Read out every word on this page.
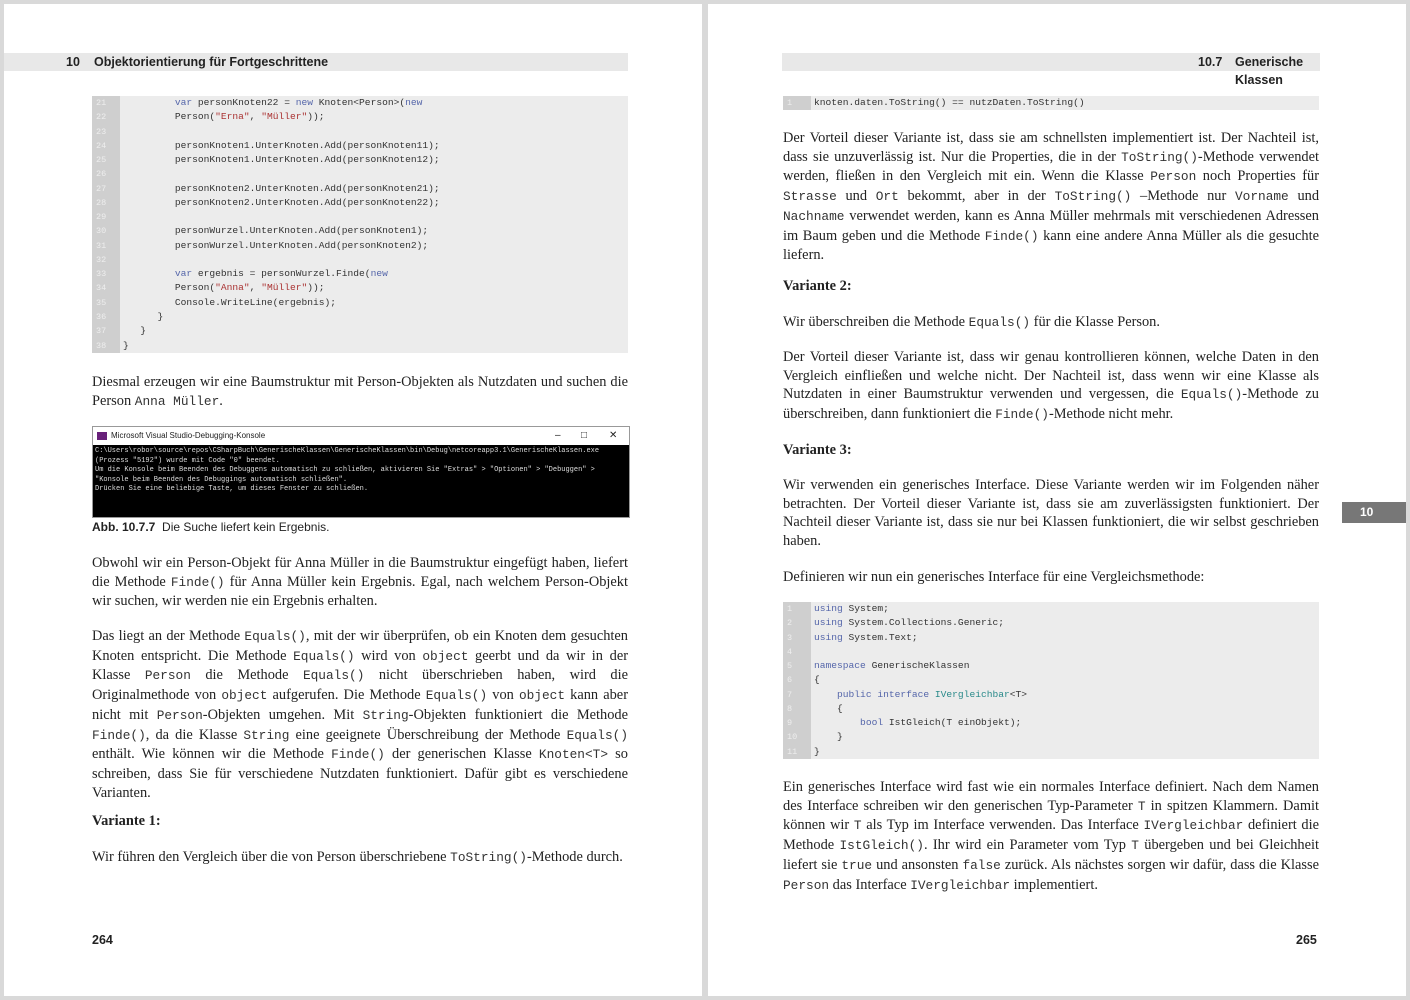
10 Objektorientierung für Fortgeschrittene
21	var personKnoten22 = new Knoten<Person>(new
22	Person("Erna", "Müller"));
23
24	personKnoten1.UnterKnoten.Add(personKnoten11);
25	personKnoten1.UnterKnoten.Add(personKnoten12);
26
27	personKnoten2.UnterKnoten.Add(personKnoten21);
28	personKnoten2.UnterKnoten.Add(personKnoten22);
29
30	personWurzel.UnterKnoten.Add(personKnoten1);
31	personWurzel.UnterKnoten.Add(personKnoten2);
32
33	var ergebnis = personWurzel.Finde(new
34	Person("Anna", "Müller"));
35	Console.WriteLine(ergebnis);
36	}
37	}
38	}
Diesmal erzeugen wir eine Baumstruktur mit Person-Objekten als Nutzdaten und suchen die Person Anna Müller.
Microsoft Visual Studio-Debugging-Konsole	– □ ✕
C:\Users\robor\source\repos\CSharpBuch\GenerischeKlassen\GenerischeKlassen\bin\Debug\netcoreapp3.1\GenerischeKlassen.exe
(Prozess "5192") wurde mit Code "0" beendet.
Um die Konsole beim Beenden des Debuggens automatisch zu schließen, aktivieren Sie "Extras" > "Optionen" > "Debuggen" >
"Konsole beim Beenden des Debuggings automatisch schließen".
Drücken Sie eine beliebige Taste, um dieses Fenster zu schließen.
Abb. 10.7.7 Die Suche liefert kein Ergebnis.
Obwohl wir ein Person-Objekt für Anna Müller in die Baumstruktur eingefügt haben, liefert die Methode Finde() für Anna Müller kein Ergebnis. Egal, nach welchem Person-Objekt wir suchen, wir werden nie ein Ergebnis erhalten.
Das liegt an der Methode Equals(), mit der wir überprüfen, ob ein Knoten dem gesuchten Knoten entspricht. Die Methode Equals() wird von object geerbt und da wir in der Klasse Person die Methode Equals() nicht überschrieben haben, wird die Originalmethode von object aufgerufen. Die Methode Equals() von object kann aber nicht mit Person-Objekten umgehen. Mit String-Objekten funktioniert die Methode Finde(), da die Klasse String eine geeignete Überschreibung der Methode Equals() enthält. Wie können wir die Methode Finde() der generischen Klasse Knoten<T> so schreiben, dass Sie für verschiedene Nutzdaten funktioniert. Dafür gibt es verschiedene Varianten.
Variante 1:
Wir führen den Vergleich über die von Person überschriebene ToString()-Methode durch.
264
10.7 Generische Klassen
1	knoten.daten.ToString() == nutzDaten.ToString()
Der Vorteil dieser Variante ist, dass sie am schnellsten implementiert ist. Der Nachteil ist, dass sie unzuverlässig ist. Nur die Properties, die in der ToString()-Methode verwendet werden, fließen in den Vergleich mit ein. Wenn die Klasse Person noch Properties für Strasse und Ort bekommt, aber in der ToString() –Methode nur Vorname und Nachname verwendet werden, kann es Anna Müller mehrmals mit verschiedenen Adressen im Baum geben und die Methode Finde() kann eine andere Anna Müller als die gesuchte liefern.
Variante 2:
Wir überschreiben die Methode Equals() für die Klasse Person.
Der Vorteil dieser Variante ist, dass wir genau kontrollieren können, welche Daten in den Vergleich einfließen und welche nicht. Der Nachteil ist, dass wenn wir eine Klasse als Nutzdaten in einer Baumstruktur verwenden und vergessen, die Equals()-Methode zu überschreiben, dann funktioniert die Finde()-Methode nicht mehr.
Variante 3:
Wir verwenden ein generisches Interface. Diese Variante werden wir im Folgenden näher betrachten. Der Vorteil dieser Variante ist, dass sie am zuverlässigsten funktioniert. Der Nachteil dieser Variante ist, dass sie nur bei Klassen funktioniert, die wir selbst geschrieben haben.
Definieren wir nun ein generisches Interface für eine Vergleichsmethode:
1	using System;
2	using System.Collections.Generic;
3	using System.Text;
4
5	namespace GenerischeKlassen
6	{
7	public interface IVergleichbar<T>
8	{
9	bool IstGleich(T einObjekt);
10	}
11	}
Ein generisches Interface wird fast wie ein normales Interface definiert. Nach dem Namen des Interface schreiben wir den generischen Typ-Parameter T in spitzen Klammern. Damit können wir T als Typ im Interface verwenden. Das Interface IVergleichbar definiert die Methode IstGleich(). Ihr wird ein Parameter vom Typ T übergeben und bei Gleichheit liefert sie true und ansonsten false zurück. Als nächstes sorgen wir dafür, dass die Klasse Person das Interface IVergleichbar implementiert.
10
265
